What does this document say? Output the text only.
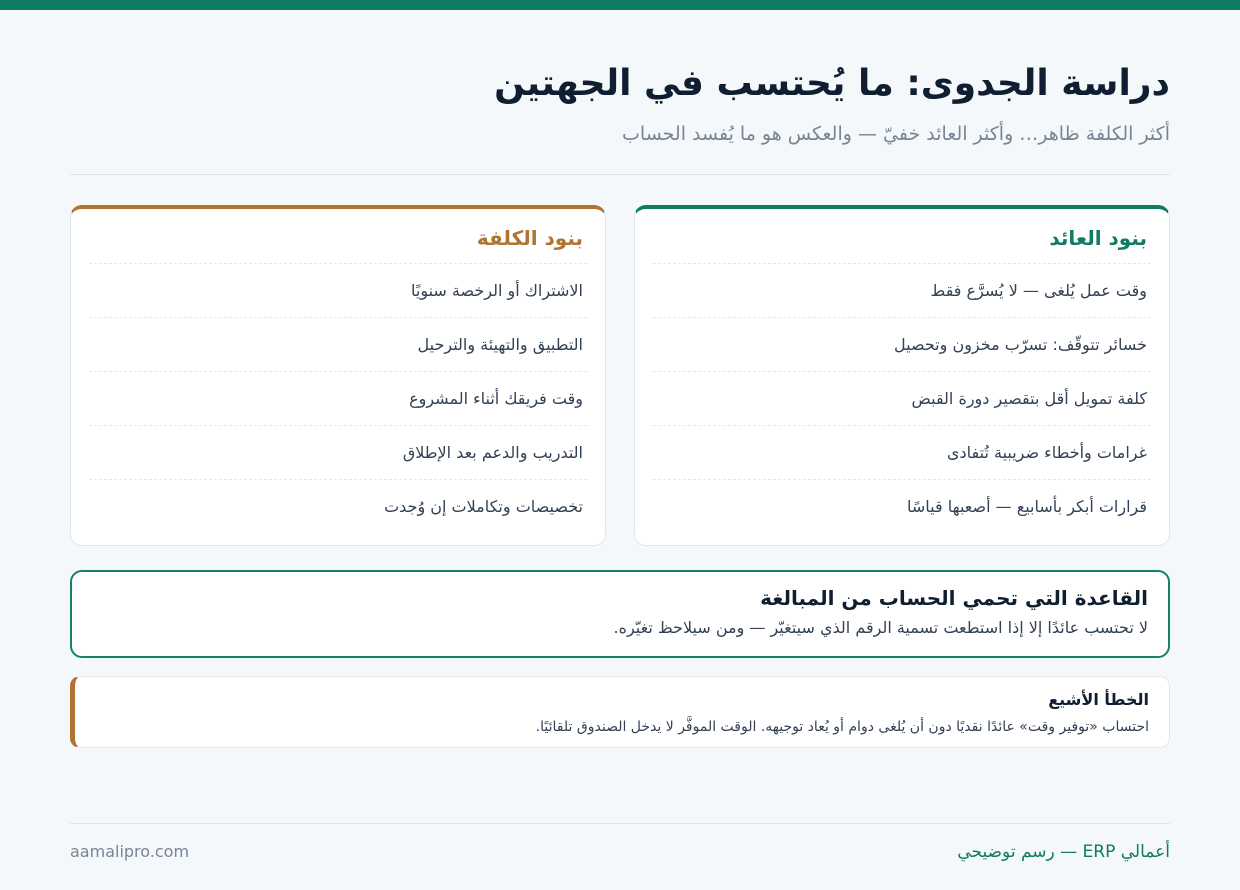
دراسة الجدوى: ما يُحتسب في الجهتين
أكثر الكلفة ظاهر… وأكثر العائد خفيّ — والعكس هو ما يُفسد الحساب
بنود العائد
وقت عمل يُلغى — لا يُسرَّع فقط
خسائر تتوقّف: تسرّب مخزون وتحصيل
كلفة تمويل أقل بتقصير دورة القبض
غرامات وأخطاء ضريبية تُتفادى
قرارات أبكر بأسابيع — أصعبها قياسًا
بنود الكلفة
الاشتراك أو الرخصة سنويًا
التطبيق والتهيئة والترحيل
وقت فريقك أثناء المشروع
التدريب والدعم بعد الإطلاق
تخصيصات وتكاملات إن وُجدت
القاعدة التي تحمي الحساب من المبالغة
لا تحتسب عائدًا إلا إذا استطعت تسمية الرقم الذي سيتغيّر — ومن سيلاحظ تغيّره.
الخطأ الأشيع
احتساب «توفير وقت» عائدًا نقديًا دون أن يُلغى دوام أو يُعاد توجيهه. الوقت الموفَّر لا يدخل الصندوق تلقائيًا.
أعمالي ERP — رسم توضيحي
aamalipro.com
